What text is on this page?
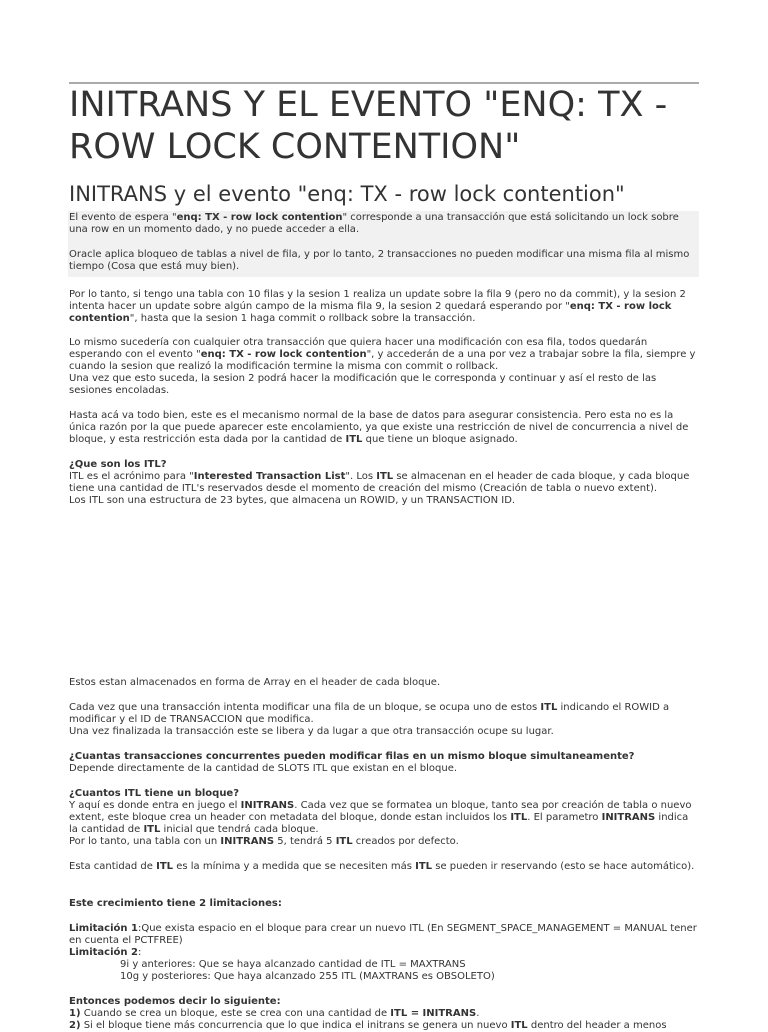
INITRANS Y EL EVENTO "ENQ: TX - ROW LOCK CONTENTION"
INITRANS y el evento "enq: TX - row lock contention"

El evento de espera "enq: TX - row lock contention" corresponde a una transacción que está solicitando un lock sobre una row en un momento dado, y no puede acceder a ella.

Oracle aplica bloqueo de tablas a nivel de fila, y por lo tanto, 2 transacciones no pueden modificar una misma fila al mismo tiempo (Cosa que está muy bien).

Por lo tanto, si tengo una tabla con 10 filas y la sesion 1 realiza un update sobre la fila 9 (pero no da commit), y la sesion 2 intenta hacer un update sobre algún campo de la misma fila 9, la sesion 2 quedará esperando por "enq: TX - row lock contention", hasta que la sesion 1 haga commit o rollback sobre la transacción.

Lo mismo sucedería con cualquier otra transacción que quiera hacer una modificación con esa fila, todos quedarán esperando con el evento "enq: TX - row lock contention", y accederán de a una por vez a trabajar sobre la fila, siempre y cuando la sesion que realizó la modificación termine la misma con commit o rollback.

Una vez que esto suceda, la sesion 2 podrá hacer la modificación que le corresponda y continuar y así el resto de las sesiones encoladas.

Hasta acá va todo bien, este es el mecanismo normal de la base de datos para asegurar consistencia. Pero esta no es la única razón por la que puede aparecer este encolamiento, ya que existe una restricción de nivel de concurrencia a nivel de bloque, y esta restricción esta dada por la cantidad de ITL que tiene un bloque asignado.

¿Que son los ITL?

ITL es el acrónimo para "Interested Transaction List". Los ITL se almacenan en el header de cada bloque, y cada bloque tiene una cantidad de ITL's reservados desde el momento de creación del mismo (Creación de tabla o nuevo extent).

Los ITL son una estructura de 23 bytes, que almacena un ROWID, y un TRANSACTION ID.

Estos estan almacenados en forma de Array en el header de cada bloque.

Cada vez que una transacción intenta modificar una fila de un bloque, se ocupa uno de estos ITL indicando el ROWID a modificar y el ID de TRANSACCION que modifica.

Una vez finalizada la transacción este se libera y da lugar a que otra transacción ocupe su lugar.

¿Cuantas transacciones concurrentes pueden modificar filas en un mismo bloque simultaneamente?

Depende directamente de la cantidad de SLOTS ITL que existan en el bloque.

¿Cuantos ITL tiene un bloque?

Y aquí es donde entra en juego el INITRANS. Cada vez que se formatea un bloque, tanto sea por creación de tabla o nuevo extent, este bloque crea un header con metadata del bloque, donde estan incluidos los ITL. El parametro INITRANS indica la cantidad de ITL inicial que tendrá cada bloque.

Por lo tanto, una tabla con un INITRANS 5, tendrá 5 ITL creados por defecto.

Esta cantidad de ITL es la mínima y a medida que se necesiten más ITL se pueden ir reservando (esto se hace automático).

Este crecimiento tiene 2 limitaciones:

Limitación 1:Que exista espacio en el bloque para crear un nuevo ITL (En SEGMENT_SPACE_MANAGEMENT = MANUAL tener en cuenta el PCTFREE)

Limitación 2:

9i y anteriores: Que se haya alcanzado cantidad de ITL = MAXTRANS

10g y posteriores: Que haya alcanzado 255 ITL (MAXTRANS es OBSOLETO)

Entonces podemos decir lo siguiente:

1) Cuando se crea un bloque, este se crea con una cantidad de ITL = INITRANS.

2) Si el bloque tiene más concurrencia que lo que indica el initrans se genera un nuevo ITL dentro del header a menos
